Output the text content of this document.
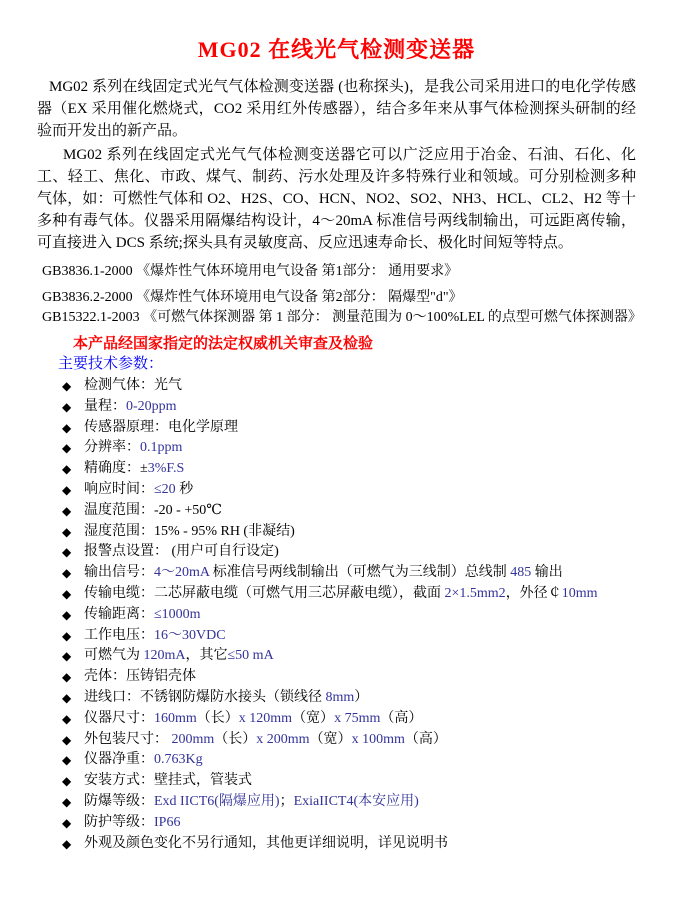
MG02 在线光气检测变送器

MG02 系列在线固定式光气气体检测变送器 (也称探头)，是我公司采用进口的电化学传感器（EX 采用催化燃烧式，CO2 采用红外传感器），结合多年来从事气体检测探头研制的经验而开发出的新产品。

MG02 系列在线固定式光气气体检测变送器它可以广泛应用于冶金、石油、石化、化工、轻工、焦化、市政、煤气、制药、污水处理及许多特殊行业和领域。可分别检测多种气体，如：可燃性气体和 O2、H2S、CO、HCN、NO2、SO2、NH3、HCL、CL2、H2 等十多种有毒气体。仪器采用隔爆结构设计，4～20mA 标准信号两线制输出，可远距离传输，可直接进入 DCS 系统;探头具有灵敏度高、反应迅速寿命长、极化时间短等特点。

GB3836.1-2000 《爆炸性气体环境用电气设备 第1部分： 通用要求》

GB3836.2-2000 《爆炸性气体环境用电气设备 第2部分： 隔爆型"d"》

GB15322.1-2003 《可燃气体探测器 第 1 部分： 测量范围为 0～100%LEL 的点型可燃气体探测器》

本产品经国家指定的法定权威机关审查及检验

主要技术参数：

◆ 检测气体：光气
◆ 量程：0-20ppm
◆ 传感器原理：电化学原理
◆ 分辨率：0.1ppm
◆ 精确度：±3%F.S
◆ 响应时间：≤20 秒
◆ 温度范围：-20 - +50℃
◆ 湿度范围：15% - 95% RH (非凝结)
◆ 报警点设置： (用户可自行设定)
◆ 输出信号：4～20mA 标准信号两线制输出（可燃气为三线制）总线制 485 输出
◆ 传输电缆：二芯屏蔽电缆（可燃气用三芯屏蔽电缆），截面 2×1.5mm2，外径￠10mm
◆ 传输距离：≤1000m
◆ 工作电压：16～30VDC
◆ 可燃气为 120mA，其它≤50 mA
◆ 壳体：压铸铝壳体
◆ 进线口：不锈钢防爆防水接头（锁线径 8mm）
◆ 仪器尺寸：160mm（长）x 120mm（宽）x 75mm（高）
◆ 外包装尺寸： 200mm（长）x 200mm（宽）x 100mm（高）
◆ 仪器净重：0.763Kg
◆ 安装方式：壁挂式，管装式
◆ 防爆等级：Exd IICT6(隔爆应用)；ExiaIICT4(本安应用)
◆ 防护等级：IP66
◆ 外观及颜色变化不另行通知，其他更详细说明，详见说明书
